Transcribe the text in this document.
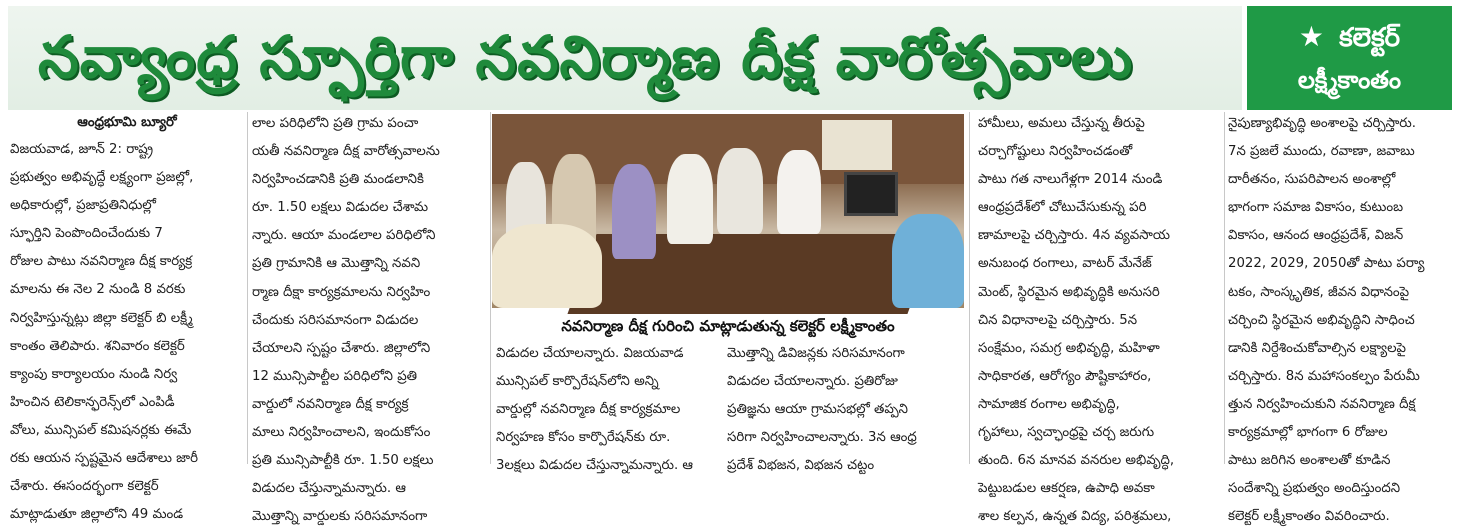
నవ్యాంధ్ర స్ఫూర్తిగా నవనిర్మాణ దీక్ష వారోత్సవాలు	★ కలెక్టర్
లక్ష్మీకాంతం
ఆంధ్రభూమి బ్యూరో
విజయవాడ, జూన్ 2: రాష్ట్ర
ప్రభుత్వం అభివృద్ధే లక్ష్యంగా ప్రజల్లో,
అధికారుల్లో, ప్రజాప్రతినిధుల్లో
స్ఫూర్తిని పెంపొందించేందుకు 7
రోజుల పాటు నవనిర్మాణ దీక్ష కార్యక్ర
మాలను ఈ నెల 2 నుండి 8 వరకు
నిర్వహిస్తున్నట్లు జిల్లా కలెక్టర్ బి లక్ష్మీ
కాంతం తెలిపారు. శనివారం కలెక్టర్
క్యాంపు కార్యాలయం నుండి నిర్వ
హించిన టెలికాన్ఫరెన్స్‌లో ఎంపిడీ
వోలు, మున్సిపల్ కమిషనర్లకు ఈమే
రకు ఆయన స్పష్టమైన ఆదేశాలు జారీ
చేశారు. ఈసందర్భంగా కలెక్టర్
మాట్లాడుతూ జిల్లాలోని 49 మండ
లాల పరిధిలోని ప్రతి గ్రామ పంచా
యతీ నవనిర్మాణ దీక్ష వారోత్సవాలను
నిర్వహించడానికి ప్రతి మండలానికి
రూ. 1.50 లక్షలు విడుదల చేశామ
న్నారు. ఆయా మండలాల పరిధిలోని
ప్రతి గ్రామానికి ఆ మొత్తాన్ని నవని
ర్మాణ దీక్షా కార్యక్రమాలను నిర్వహిం
చేందుకు సరిసమానంగా విడుదల
చేయాలని స్పష్టం చేశారు. జిల్లాలోని
12 మున్సిపాల్టీల పరిధిలోని ప్రతి
వార్డులో నవనిర్మాణ దీక్ష కార్యక్ర
మాలు నిర్వహించాలని, ఇందుకోసం
ప్రతి మున్సిపాల్టీకి రూ. 1.50 లక్షలు
విడుదల చేస్తున్నామన్నారు. ఆ
మొత్తాన్ని వార్డులకు సరిసమానంగా
నవనిర్మాణ దీక్ష గురించి మాట్లాడుతున్న కలెక్టర్ లక్ష్మీకాంతం
విడుదల చేయాలన్నారు. విజయవాడ
మున్సిపల్ కార్పొరేషన్‌లోని అన్ని
వార్డుల్లో నవనిర్మాణ దీక్ష కార్యక్రమాల
నిర్వహణ కోసం కార్పొరేషన్‌కు రూ.
3లక్షలు విడుదల చేస్తున్నామన్నారు. ఆ
మొత్తాన్ని డివిజన్లకు సరిసమానంగా
విడుదల చేయాలన్నారు. ప్రతిరోజు
ప్రతిజ్ఞను ఆయా గ్రామసభల్లో తప్పని
సరిగా నిర్వహించాలన్నారు. 3న ఆంధ్ర
ప్రదేశ్ విభజన, విభజన చట్టం
హామీలు, అమలు చేస్తున్న తీరుపై
చర్చాగోష్టులు నిర్వహించడంతో
పాటు గత నాలుగేళ్లగా 2014 నుండి
ఆంధ్రప్రదేశ్‌లో చోటుచేసుకున్న పరి
ణామాలపై చర్చిస్తారు. 4న వ్యవసాయ
అనుబంధ రంగాలు, వాటర్ మేనేజ్
మెంట్, స్థిరమైన అభివృద్ధికి అనుసరి
చిన విధానాలపై చర్చిస్తారు. 5న
సంక్షేమం, సమగ్ర అభివృద్ధి, మహిళా
సాధికారత, ఆరోగ్యం పౌష్టికాహారం,
సామాజిక రంగాల అభివృద్ధి,
గృహాలు, స్వచ్ఛాంధ్రపై చర్చ జరుగు
తుంది. 6న మానవ వనరుల అభివృద్ధి,
పెట్టుబడుల ఆకర్షణ, ఉపాధి అవకా
శాల కల్పన, ఉన్నత విద్య, పరిశ్రమలు,
నైపుణ్యాభివృద్ధి అంశాలపై చర్చిస్తారు.
7న ప్రజలే ముందు, రవాణా, జవాబు
దారీతనం, సుపరిపాలన అంశాల్లో
భాగంగా సమాజ వికాసం, కుటుంబ
వికాసం, ఆనంద ఆంధ్రప్రదేశ్, విజన్
2022, 2029, 2050తో పాటు పర్యా
టకం, సాంస్కృతిక, జీవన విధానంపై
చర్చించి స్థిరమైన అభివృద్ధిని సాధించ
డానికి నిర్దేశించుకోవాల్సిన లక్ష్యాలపై
చర్చిస్తారు. 8న మహాసంకల్పం పేరుమీ
త్తున నిర్వహించుకుని నవనిర్మాణ దీక్ష
కార్యక్రమాల్లో భాగంగా 6 రోజుల
పాటు జరిగిన అంశాలతో కూడిన
సందేశాన్ని ప్రభుత్వం అందిస్తుందని
కలెక్టర్ లక్ష్మీకాంతం వివరించారు.
